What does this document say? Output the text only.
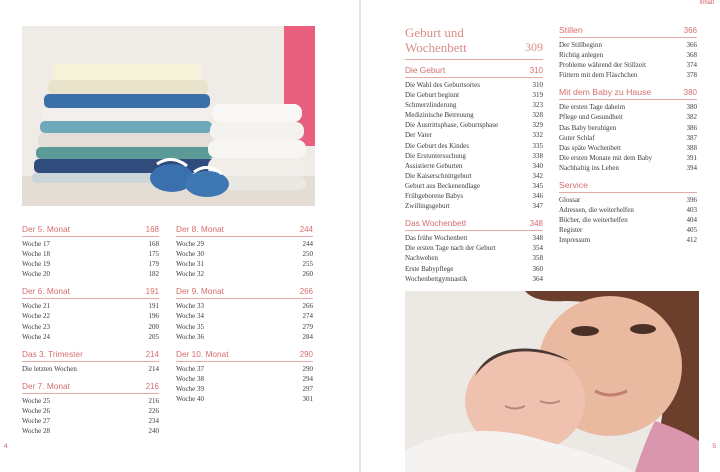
Inhalt
Der 5. Monat	168
Woche 17	168
Woche 18	175
Woche 19	179
Woche 20	182
Der 6. Monat	191
Woche 21	191
Woche 22	196
Woche 23	200
Woche 24	205
Das 3. Trimester	214
Die letzten Wochen	214
Der 7. Monat	216
Woche 25	216
Woche 26	226
Woche 27	234
Woche 28	240
Der 8. Monat	244
Woche 29	244
Woche 30	250
Woche 31	255
Woche 32	260
Der 9. Monat	266
Woche 33	266
Woche 34	274
Woche 35	279
Woche 36	284
Der 10. Monat	290
Woche 37	290
Woche 38	294
Woche 39	297
Woche 40	301
Geburt und
Wochenbett	309
Die Geburt	310
Die Wahl des Geburtsortes	310
Die Geburt beginnt	319
Schmerzlinderung	323
Medizinische Betreuung	328
Die Austrittsphase, Geburtsphase	329
Der Vater	332
Die Geburt des Kindes	335
Die Erstuntersuchung	338
Assistierte Geburten	340
Die Kaiserschnittgeburt	342
Geburt aus Beckenendlage	345
Frühgeborene Babys	346
Zwillingsgeburt	347
Das Wochenbett	348
Das frühe Wochenbett	348
Die ersten Tage nach der Geburt	354
Nachwehen	358
Erste Babypflege	360
Wochenbettgymnastik	364
Stillen	366
Der Stillbeginn	366
Richtig anlegen	368
Probleme während der Stillzeit	374
Füttern mit dem Fläschchen	378
Mit dem Baby zu Hause	380
Die ersten Tage daheim	380
Pflege und Gesundheit	382
Das Baby beruhigen	386
Guter Schlaf	387
Das späte Wochenbett	388
Die ersten Monate mit dem Baby	391
Nachhaltig ins Leben	394
Service
Glossar	396
Adressen, die weiterhelfen	403
Bücher, die weiterhelfen	404
Register	405
Impressum	412
4	5
